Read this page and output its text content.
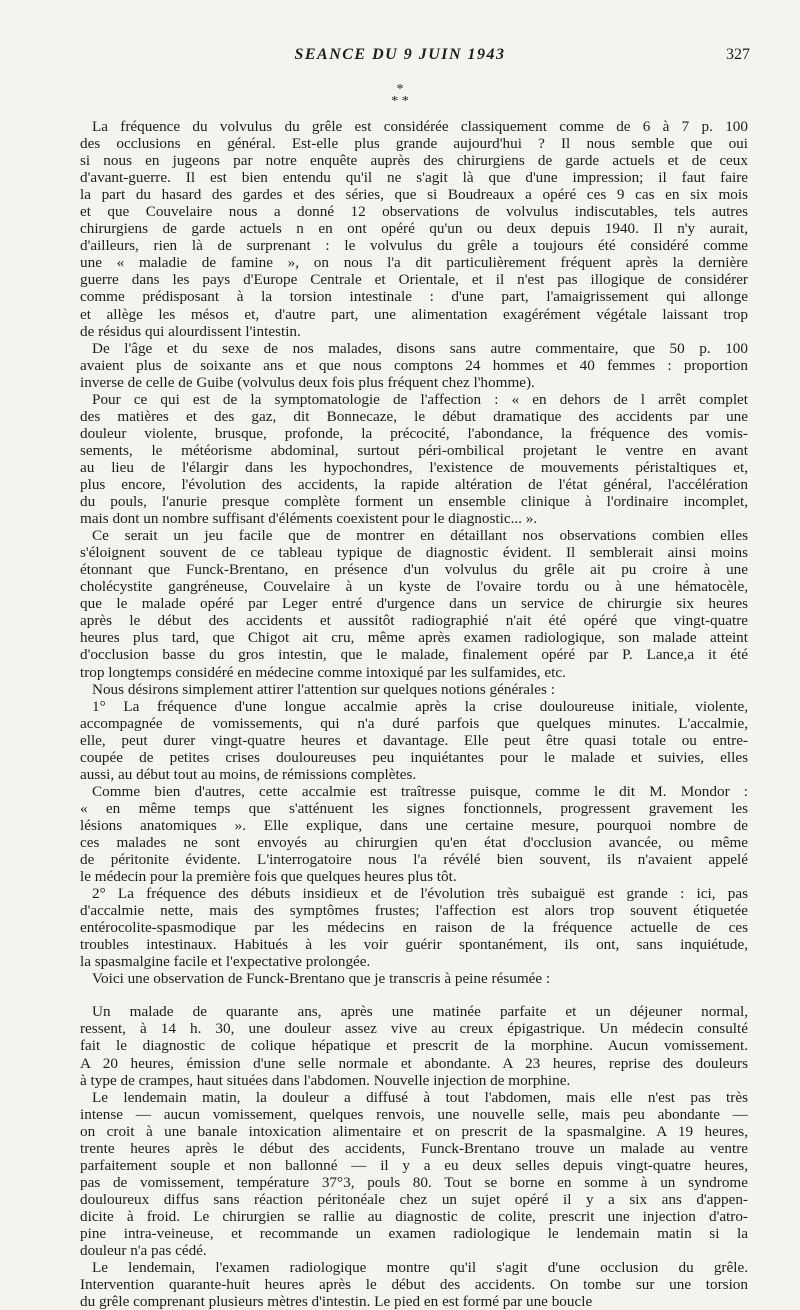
SEANCE DU 9 JUIN 1943	327
*
* *

La fréquence du volvulus du grêle est considérée classiquement comme de 6 à 7 p. 100
des occlusions en général. Est-elle plus grande aujourd'hui ? Il nous semble que oui
si nous en jugeons par notre enquête auprès des chirurgiens de garde actuels et de ceux
d'avant-guerre. Il est bien entendu qu'il ne s'agit là que d'une impression; il faut faire
la part du hasard des gardes et des séries, que si Boudreaux a opéré ces 9 cas en six mois
et que Couvelaire nous a donné 12 observations de volvulus indiscutables, tels autres
chirurgiens de garde actuels n en ont opéré qu'un ou deux depuis 1940. Il n'y aurait,
d'ailleurs, rien là de surprenant : le volvulus du grêle a toujours été considéré comme
une « maladie de famine », on nous l'a dit particulièrement fréquent après la dernière
guerre dans les pays d'Europe Centrale et Orientale, et il n'est pas illogique de considérer
comme prédisposant à la torsion intestinale : d'une part, l'amaigrissement qui allonge
et allège les mésos et, d'autre part, une alimentation exagérément végétale laissant trop
de résidus qui alourdissent l'intestin.

De l'âge et du sexe de nos malades, disons sans autre commentaire, que 50 p. 100
avaient plus de soixante ans et que nous comptons 24 hommes et 40 femmes : proportion
inverse de celle de Guibe (volvulus deux fois plus fréquent chez l'homme).

Pour ce qui est de la symptomatologie de l'affection : « en dehors de l arrêt complet
des matières et des gaz, dit Bonnecaze, le début dramatique des accidents par une
douleur violente, brusque, profonde, la précocité, l'abondance, la fréquence des vomis-
sements, le météorisme abdominal, surtout péri-ombilical projetant le ventre en avant
au lieu de l'élargir dans les hypochondres, l'existence de mouvements péristaltiques et,
plus encore, l'évolution des accidents, la rapide altération de l'état général, l'accélération
du pouls, l'anurie presque complète forment un ensemble clinique à l'ordinaire incomplet,
mais dont un nombre suffisant d'éléments coexistent pour le diagnostic... ».

Ce serait un jeu facile que de montrer en détaillant nos observations combien elles
s'éloignent souvent de ce tableau typique de diagnostic évident. Il semblerait ainsi moins
étonnant que Funck-Brentano, en présence d'un volvulus du grêle ait pu croire à une
cholécystite gangréneuse, Couvelaire à un kyste de l'ovaire tordu ou à une hématocèle,
que le malade opéré par Leger entré d'urgence dans un service de chirurgie six heures
après le début des accidents et aussitôt radiographié n'ait été opéré que vingt-quatre
heures plus tard, que Chigot ait cru, même après examen radiologique, son malade atteint
d'occlusion basse du gros intestin, que le malade, finalement opéré par P. Lance,a it été
trop longtemps considéré en médecine comme intoxiqué par les sulfamides, etc.

Nous désirons simplement attirer l'attention sur quelques notions générales :

1° La fréquence d'une longue accalmie après la crise douloureuse initiale, violente,
accompagnée de vomissements, qui n'a duré parfois que quelques minutes. L'accalmie,
elle, peut durer vingt-quatre heures et davantage. Elle peut être quasi totale ou entre-
coupée de petites crises douloureuses peu inquiétantes pour le malade et suivies, elles
aussi, au début tout au moins, de rémissions complètes.

Comme bien d'autres, cette accalmie est traîtresse puisque, comme le dit M. Mondor :
« en même temps que s'atténuent les signes fonctionnels, progressent gravement les
lésions anatomiques ». Elle explique, dans une certaine mesure, pourquoi nombre de
ces malades ne sont envoyés au chirurgien qu'en état d'occlusion avancée, ou même
de péritonite évidente. L'interrogatoire nous l'a révélé bien souvent, ils n'avaient appelé
le médecin pour la première fois que quelques heures plus tôt.

2° La fréquence des débuts insidieux et de l'évolution très subaiguë est grande : ici, pas
d'accalmie nette, mais des symptômes frustes; l'affection est alors trop souvent étiquetée
entérocolite-spasmodique par les médecins en raison de la fréquence actuelle de ces
troubles intestinaux. Habitués à les voir guérir spontanément, ils ont, sans inquiétude,
la spasmalgine facile et l'expectative prolongée.

Voici une observation de Funck-Brentano que je transcris à peine résumée :

Un malade de quarante ans, après une matinée parfaite et un déjeuner normal,
ressent, à 14 h. 30, une douleur assez vive au creux épigastrique. Un médecin consulté
fait le diagnostic de colique hépatique et prescrit de la morphine. Aucun vomissement.
A 20 heures, émission d'une selle normale et abondante. A 23 heures, reprise des douleurs
à type de crampes, haut situées dans l'abdomen. Nouvelle injection de morphine.

Le lendemain matin, la douleur a diffusé à tout l'abdomen, mais elle n'est pas très
intense — aucun vomissement, quelques renvois, une nouvelle selle, mais peu abondante —
on croit à une banale intoxication alimentaire et on prescrit de la spasmalgine. A 19 heures,
trente heures après le début des accidents, Funck-Brentano trouve un malade au ventre
parfaitement souple et non ballonné — il y a eu deux selles depuis vingt-quatre heures,
pas de vomissement, température 37°3, pouls 80. Tout se borne en somme à un syndrome
douloureux diffus sans réaction péritonéale chez un sujet opéré il y a six ans d'appen-
dicite à froid. Le chirurgien se rallie au diagnostic de colite, prescrit une injection d'atro-
pine intra-veineuse, et recommande un examen radiologique le lendemain matin si la
douleur n'a pas cédé.

Le lendemain, l'examen radiologique montre qu'il s'agit d'une occlusion du grêle.
Intervention quarante-huit heures après le début des accidents. On tombe sur une torsion
du grêle comprenant plusieurs mètres d'intestin. Le pied en est formé par une boucle
